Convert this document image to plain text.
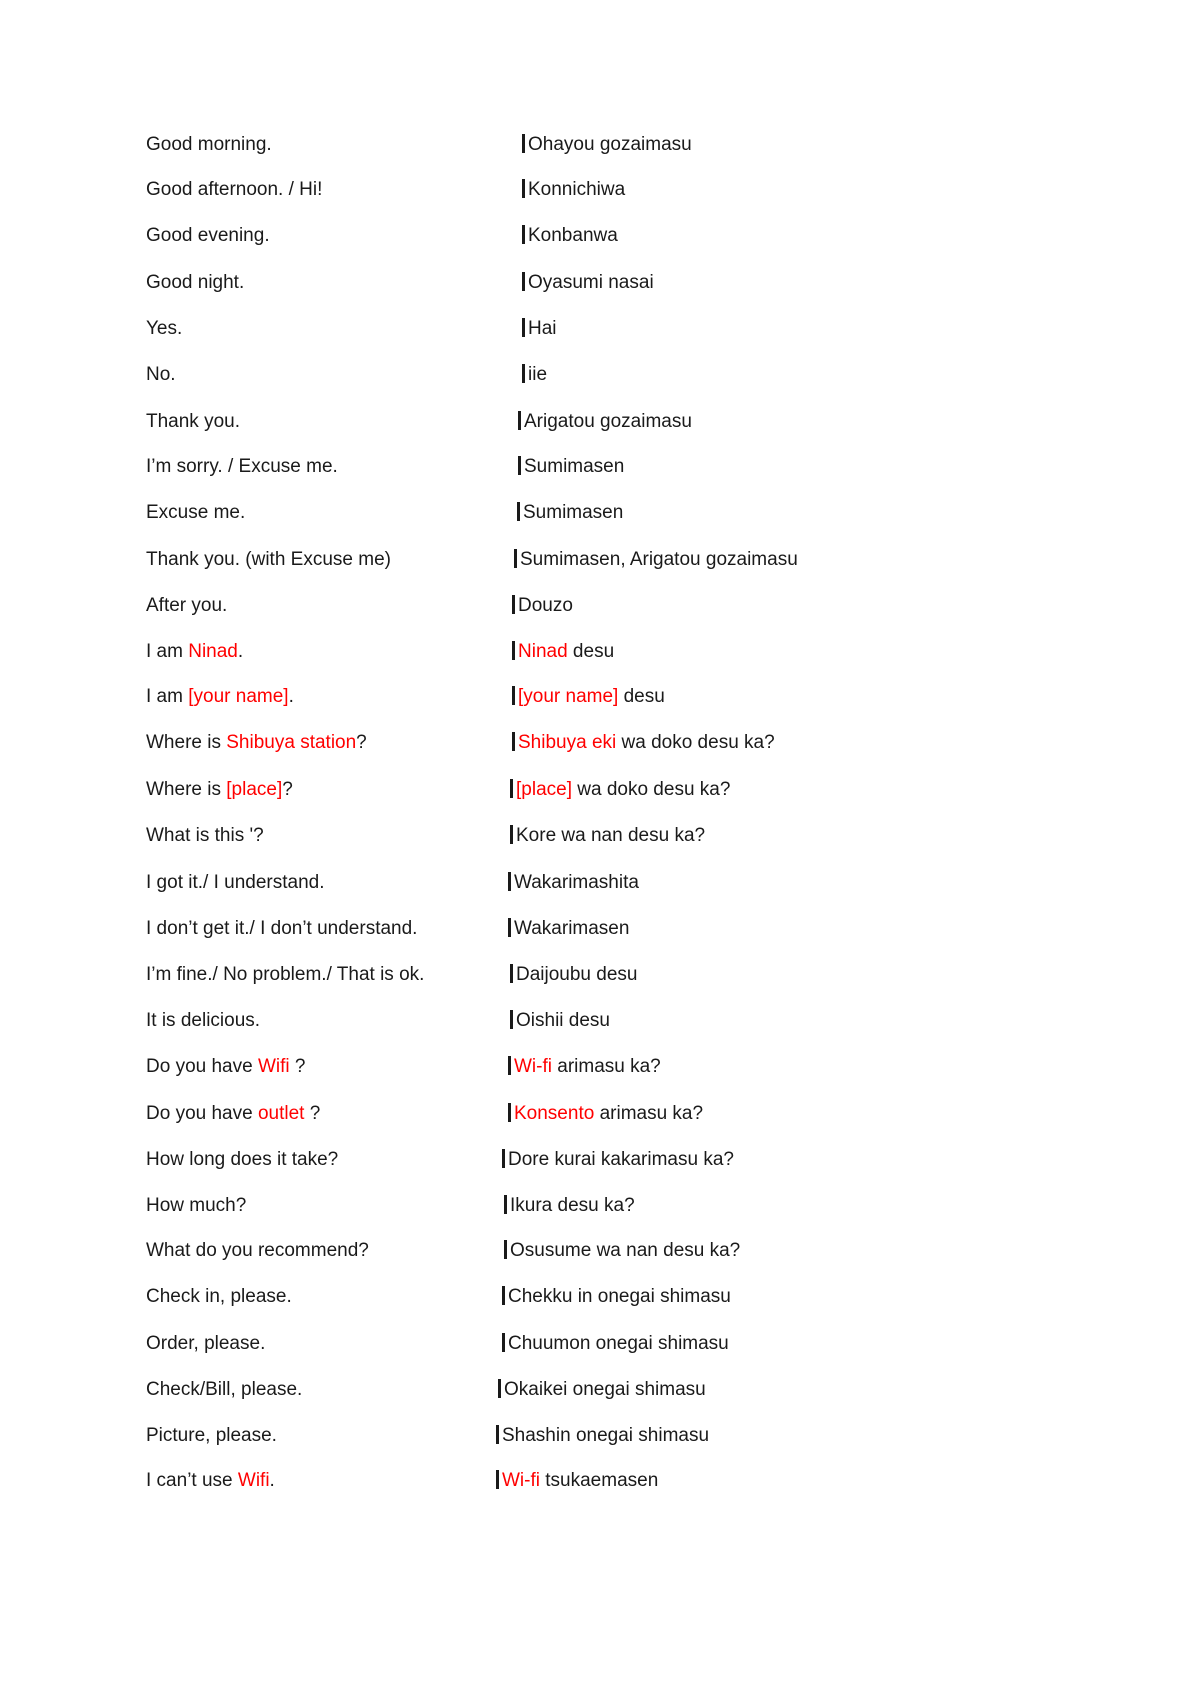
Good morning.	Ohayou gozaimasu
Good afternoon. / Hi!	Konnichiwa
Good evening.	Konbanwa
Good night.	Oyasumi nasai
Yes.	Hai
No.	iie
Thank you.	Arigatou gozaimasu
I’m sorry. / Excuse me.	Sumimasen
Excuse me.	Sumimasen
Thank you. (with Excuse me)	Sumimasen, Arigatou gozaimasu
After you.	Douzo
I am Ninad.	Ninad desu
I am [your name].	[your name] desu
Where is Shibuya station?	Shibuya eki wa doko desu ka?
Where is [place]?	[place] wa doko desu ka?
What is this '?	Kore wa nan desu ka?
I got it./ I understand.	Wakarimashita
I don’t get it./ I don’t understand.	Wakarimasen
I’m fine./ No problem./ That is ok.	Daijoubu desu
It is delicious.	Oishii desu
Do you have Wifi ?	Wi-fi arimasu ka?
Do you have outlet ?	Konsento arimasu ka?
How long does it take?	Dore kurai kakarimasu ka?
How much?	Ikura desu ka?
What do you recommend?	Osusume wa nan desu ka?
Check in, please.	Chekku in onegai shimasu
Order, please.	Chuumon onegai shimasu
Check/Bill, please.	Okaikei onegai shimasu
Picture, please.	Shashin onegai shimasu
I can’t use Wifi.	Wi-fi tsukaemasen
